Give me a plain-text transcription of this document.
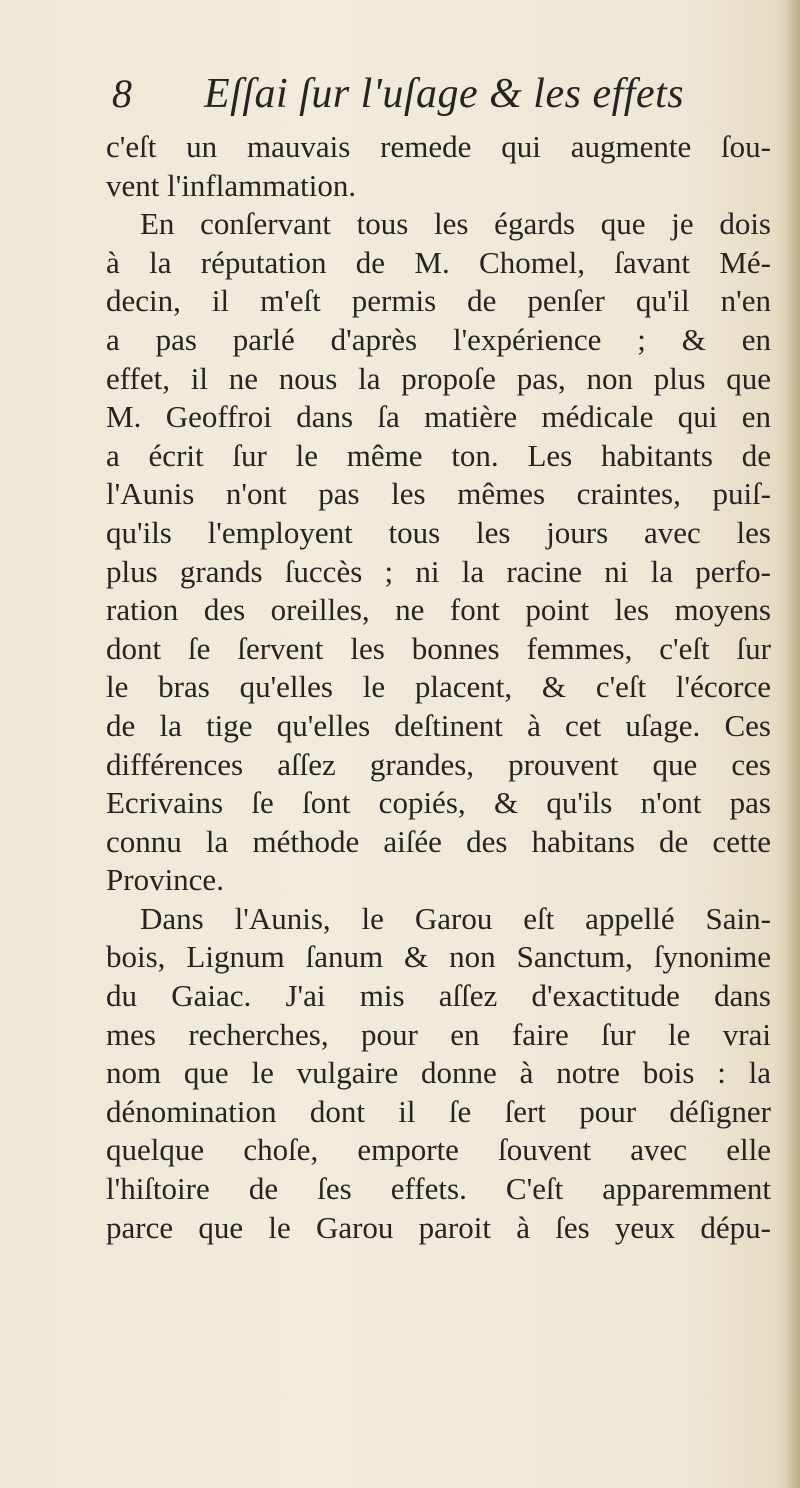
8 Eſſai ſur l'uſage & les effets
c'eſt un mauvais remede qui augmente ſou-
vent l'inflammation.
En conſervant tous les égards que je dois
à la réputation de M. Chomel, ſavant Mé-
decin, il m'eſt permis de penſer qu'il n'en
a pas parlé d'après l'expérience ; & en
effet, il ne nous la propoſe pas, non plus que
M. Geoffroi dans ſa matière médicale qui en
a écrit ſur le même ton. Les habitants de
l'Aunis n'ont pas les mêmes craintes, puiſ-
qu'ils l'employent tous les jours avec les
plus grands ſuccès ; ni la racine ni la perfo-
ration des oreilles, ne font point les moyens
dont ſe ſervent les bonnes femmes, c'eſt ſur
le bras qu'elles le placent, & c'eſt l'écorce
de la tige qu'elles deſtinent à cet uſage. Ces
différences aſſez grandes, prouvent que ces
Ecrivains ſe ſont copiés, & qu'ils n'ont pas
connu la méthode aiſée des habitans de cette
Province.
Dans l'Aunis, le Garou eſt appellé Sain-
bois, Lignum ſanum & non Sanctum, ſynonime
du Gaiac. J'ai mis aſſez d'exactitude dans
mes recherches, pour en faire ſur le vrai
nom que le vulgaire donne à notre bois : la
dénomination dont il ſe ſert pour déſigner
quelque choſe, emporte ſouvent avec elle
l'hiſtoire de ſes effets. C'eſt apparemment
parce que le Garou paroit à ſes yeux dépu-
